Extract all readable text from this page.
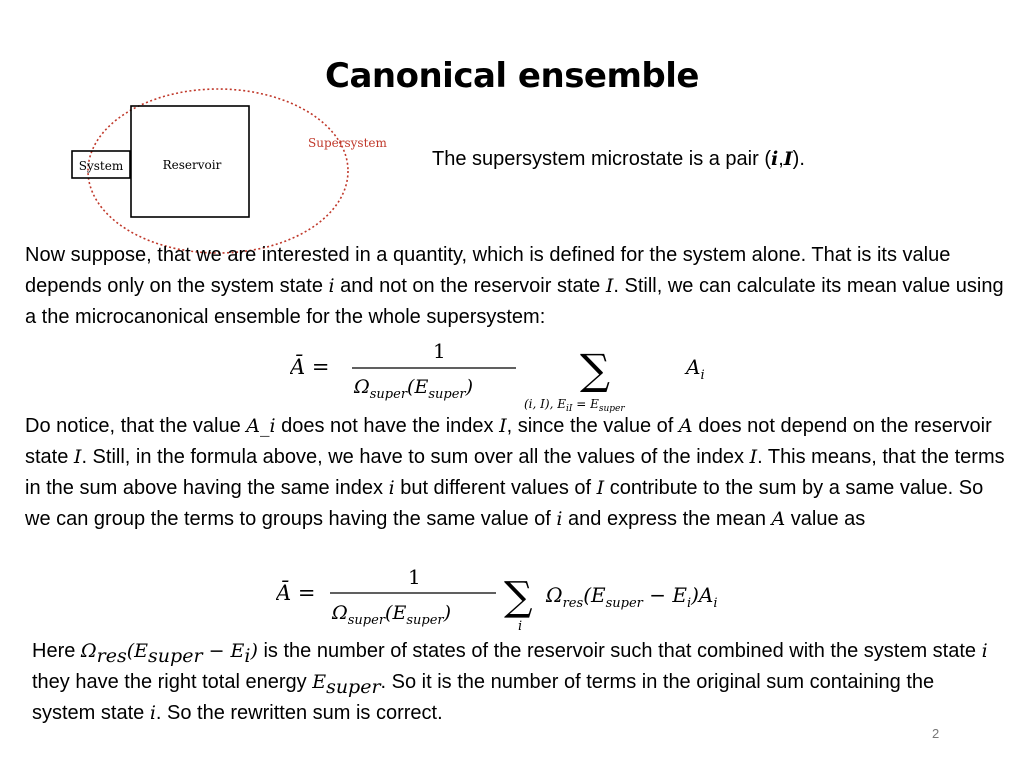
Canonical ensemble
System	Reservoir
Supersystem
The supersystem microstate is a pair (i,I).

Now suppose, that we are interested in a quantity, which is defined for the system alone. That is its value depends only on the system state i and not on the reservoir state I. Still, we can calculate its mean value using a the microcanonical ensemble for the whole supersystem:

Ā =
1
$\Omega_{super}(E_{super})$	∑
(i, I), $E_{iI} = E_{super}$
$A_i$

Do notice, that the value A_i does not have the index I, since the value of A does not depend on the reservoir state I. Still, in the formula above, we have to sum over all the values of the index I. This means, that the terms in the sum above having the same index i but different values of I contribute to the sum by a same value. So we can group the terms to groups having the same value of i and express the mean A value as

Ā =
1
$\Omega_{super}(E_{super})$ ∑
i
$\Omega_{res}(E_{super} - E_i)A_i$

Here $\Omega_{res}(E_{super} - E_i)$ is the number of states of the reservoir such that combined with the system state i they have the right total energy $E_{super}$. So it is the number of terms in the original sum containing the system state i. So the rewritten sum is correct.

2
